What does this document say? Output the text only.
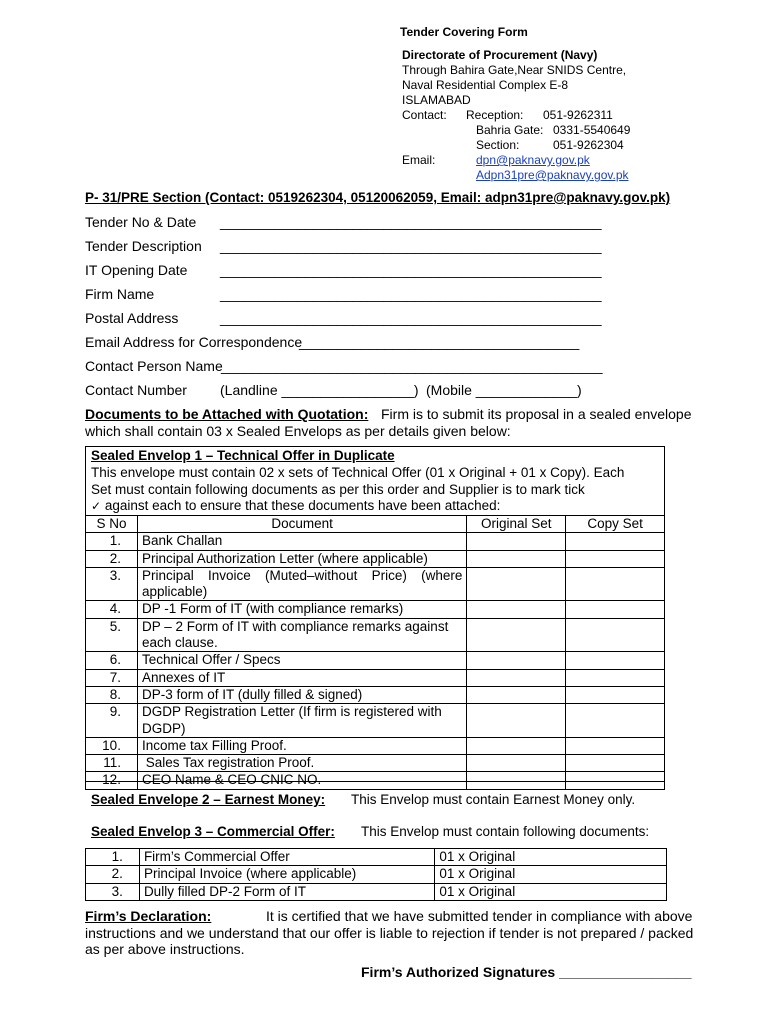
Tender Covering Form
Directorate of Procurement (Navy)
Through Bahira Gate,Near SNIDS Centre,
Naval Residential Complex E-8
ISLAMABAD
Contact: Reception: 051-9262311
Bahria Gate: 0331-5540649
Section:	051-9262304
Email:	dpn@paknavy.gov.pk
Adpn31pre@paknavy.gov.pk
P- 31/PRE Section (Contact: 0519262304, 05120062059, Email: adpn31pre@paknavy.gov.pk)
Tender No & Date _________________________________________________
Tender Description _________________________________________________
IT Opening Date _________________________________________________
Firm Name	_________________________________________________
Postal Address	_________________________________________________
Email Address for Correspondence
____________________________________
Contact Person Name
_________________________________________________
Contact Number (Landline _________________) (Mobile _____________)
Documents to be Attached with Quotation: Firm is to submit its proposal in a sealed envelope
which shall contain 03 x Sealed Envelops as per details given below:
Sealed Envelop 1 – Technical Offer in Duplicate
This envelope must contain 02 x sets of Technical Offer (01 x Original + 01 x Copy). Each
Set must contain following documents as per this order and Supplier is to mark tick
✓ against each to ensure that these documents have been attached:
S No	Document	Original Set	Copy Set
1.	Bank Challan		
2.	Principal Authorization Letter (where applicable)		
3.	Principal Invoice (Muted–without Price) (where applicable)		
4.	DP -1 Form of IT (with compliance remarks)		
5.	DP – 2 Form of IT with compliance remarks against each clause.		
6.	Technical Offer / Specs		
7.	Annexes of IT		
8.	DP-3 form of IT (dully filled & signed)		
9.	DGDP Registration Letter (If firm is registered with DGDP)		
10.	Income tax Filling Proof.		
11.	Sales Tax registration Proof.		
12.	CEO Name & CEO CNIC NO.		
Sealed Envelope 2 – Earnest Money: This Envelop must contain Earnest Money only.
Sealed Envelop 3 – Commercial Offer: This Envelop must contain following documents:
1.	Firm’s Commercial Offer	01 x Original
2.	Principal Invoice (where applicable)	01 x Original
3.	Dully filled DP-2 Form of IT	01 x Original
Firm’s Declaration:	It is certified that we have submitted tender in compliance with above
instructions and we understand that our offer is liable to rejection if tender is not prepared / packed
as per above instructions.
Firm’s Authorized Signatures _________________
